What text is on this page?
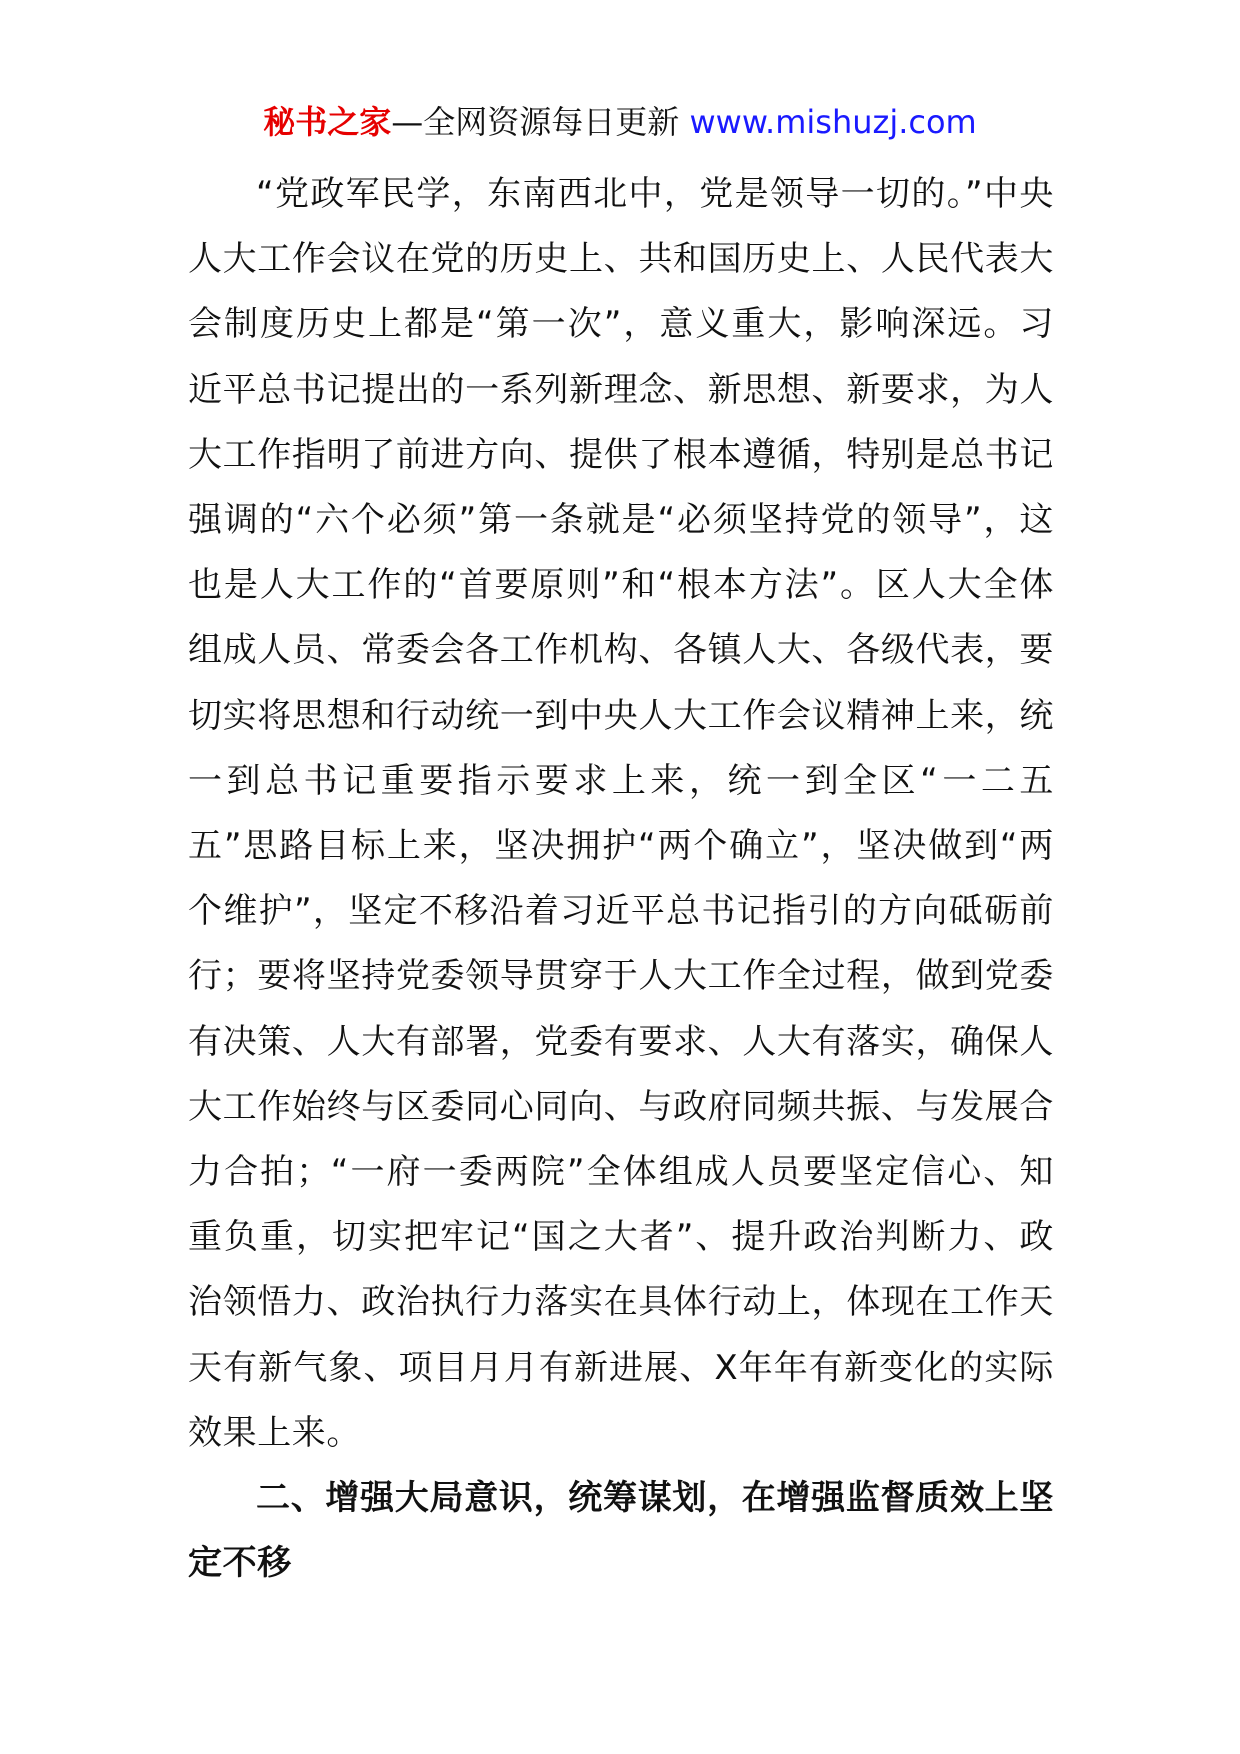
秘书之家—全网资源每日更新 www.mishuzj.com

“党政军民学，东南西北中，党是领导一切的。”中央人大工作会议在党的历史上、共和国历史上、人民代表大会制度历史上都是“第一次”，意义重大，影响深远。习近平总书记提出的一系列新理念、新思想、新要求，为人大工作指明了前进方向、提供了根本遵循，特别是总书记强调的“六个必须”第一条就是“必须坚持党的领导”，这也是人大工作的“首要原则”和“根本方法”。区人大全体组成人员、常委会各工作机构、各镇人大、各级代表，要切实将思想和行动统一到中央人大工作会议精神上来，统一到总书记重要指示要求上来，统一到全区“一二五五”思路目标上来，坚决拥护“两个确立”，坚决做到“两个维护”，坚定不移沿着习近平总书记指引的方向砥砺前行；要将坚持党委领导贯穿于人大工作全过程，做到党委有决策、人大有部署，党委有要求、人大有落实，确保人大工作始终与区委同心同向、与政府同频共振、与发展合力合拍；“一府一委两院”全体组成人员要坚定信心、知重负重，切实把牢记“国之大者”、提升政治判断力、政治领悟力、政治执行力落实在具体行动上，体现在工作天天有新气象、项目月月有新进展、X年年有新变化的实际效果上来。

二、增强大局意识，统筹谋划，在增强监督质效上坚定不移
